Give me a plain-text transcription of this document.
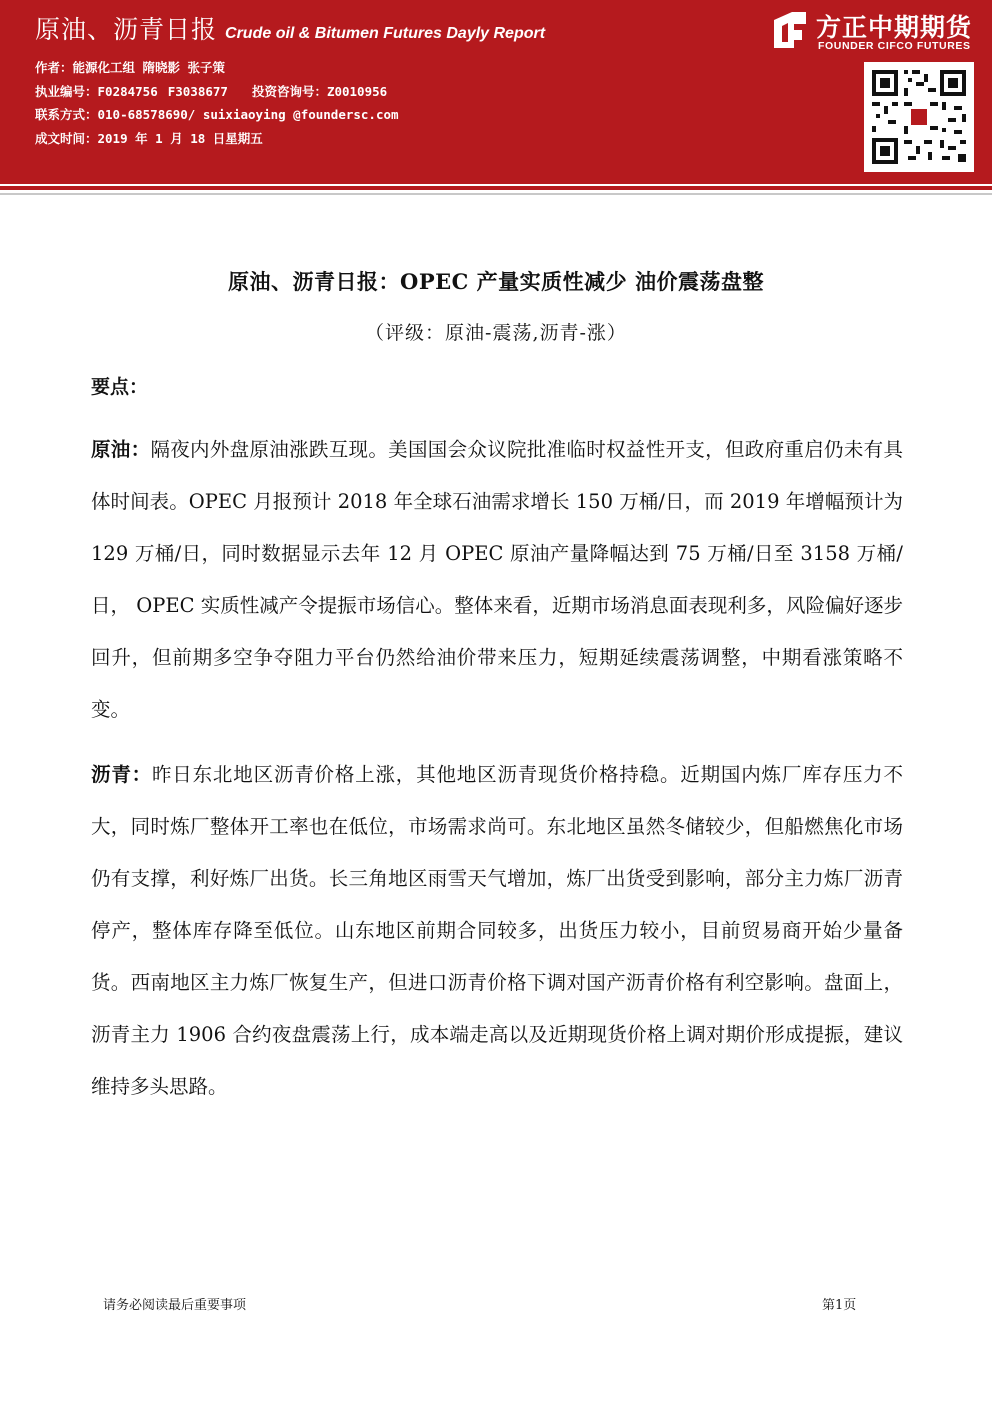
原油、沥青日报 Crude oil & Bitumen Futures Dayly Report
作者：能源化工组 隋晓影 张子策
执业编号：F0284756 F3038677 投资咨询号：Z0010956
联系方式：010-68578690/ suixiaoying @foundersc.com
成文时间：2019 年 1 月 18 日星期五
方正中期期货
FOUNDER CIFCO FUTURES
原油、沥青日报：OPEC 产量实质性减少 油价震荡盘整
（评级：原油-震荡,沥青-涨）
要点：

原油：隔夜内外盘原油涨跌互现。美国国会众议院批准临时权益性开支，但政府重启仍未有具体时间表。OPEC 月报预计 2018 年全球石油需求增长 150 万桶/日，而 2019 年增幅预计为 129 万桶/日，同时数据显示去年 12 月 OPEC 原油产量降幅达到 75 万桶/日至 3158 万桶/日， OPEC 实质性减产令提振市场信心。整体来看，近期市场消息面表现利多，风险偏好逐步回升，但前期多空争夺阻力平台仍然给油价带来压力，短期延续震荡调整，中期看涨策略不变。

沥青：昨日东北地区沥青价格上涨，其他地区沥青现货价格持稳。近期国内炼厂库存压力不大，同时炼厂整体开工率也在低位，市场需求尚可。东北地区虽然冬储较少，但船燃焦化市场仍有支撑，利好炼厂出货。长三角地区雨雪天气增加，炼厂出货受到影响，部分主力炼厂沥青停产，整体库存降至低位。山东地区前期合同较多，出货压力较小，目前贸易商开始少量备货。西南地区主力炼厂恢复生产，但进口沥青价格下调对国产沥青价格有利空影响。盘面上，沥青主力 1906 合约夜盘震荡上行，成本端走高以及近期现货价格上调对期价形成提振，建议维持多头思路。

请务必阅读最后重要事项	第1页
